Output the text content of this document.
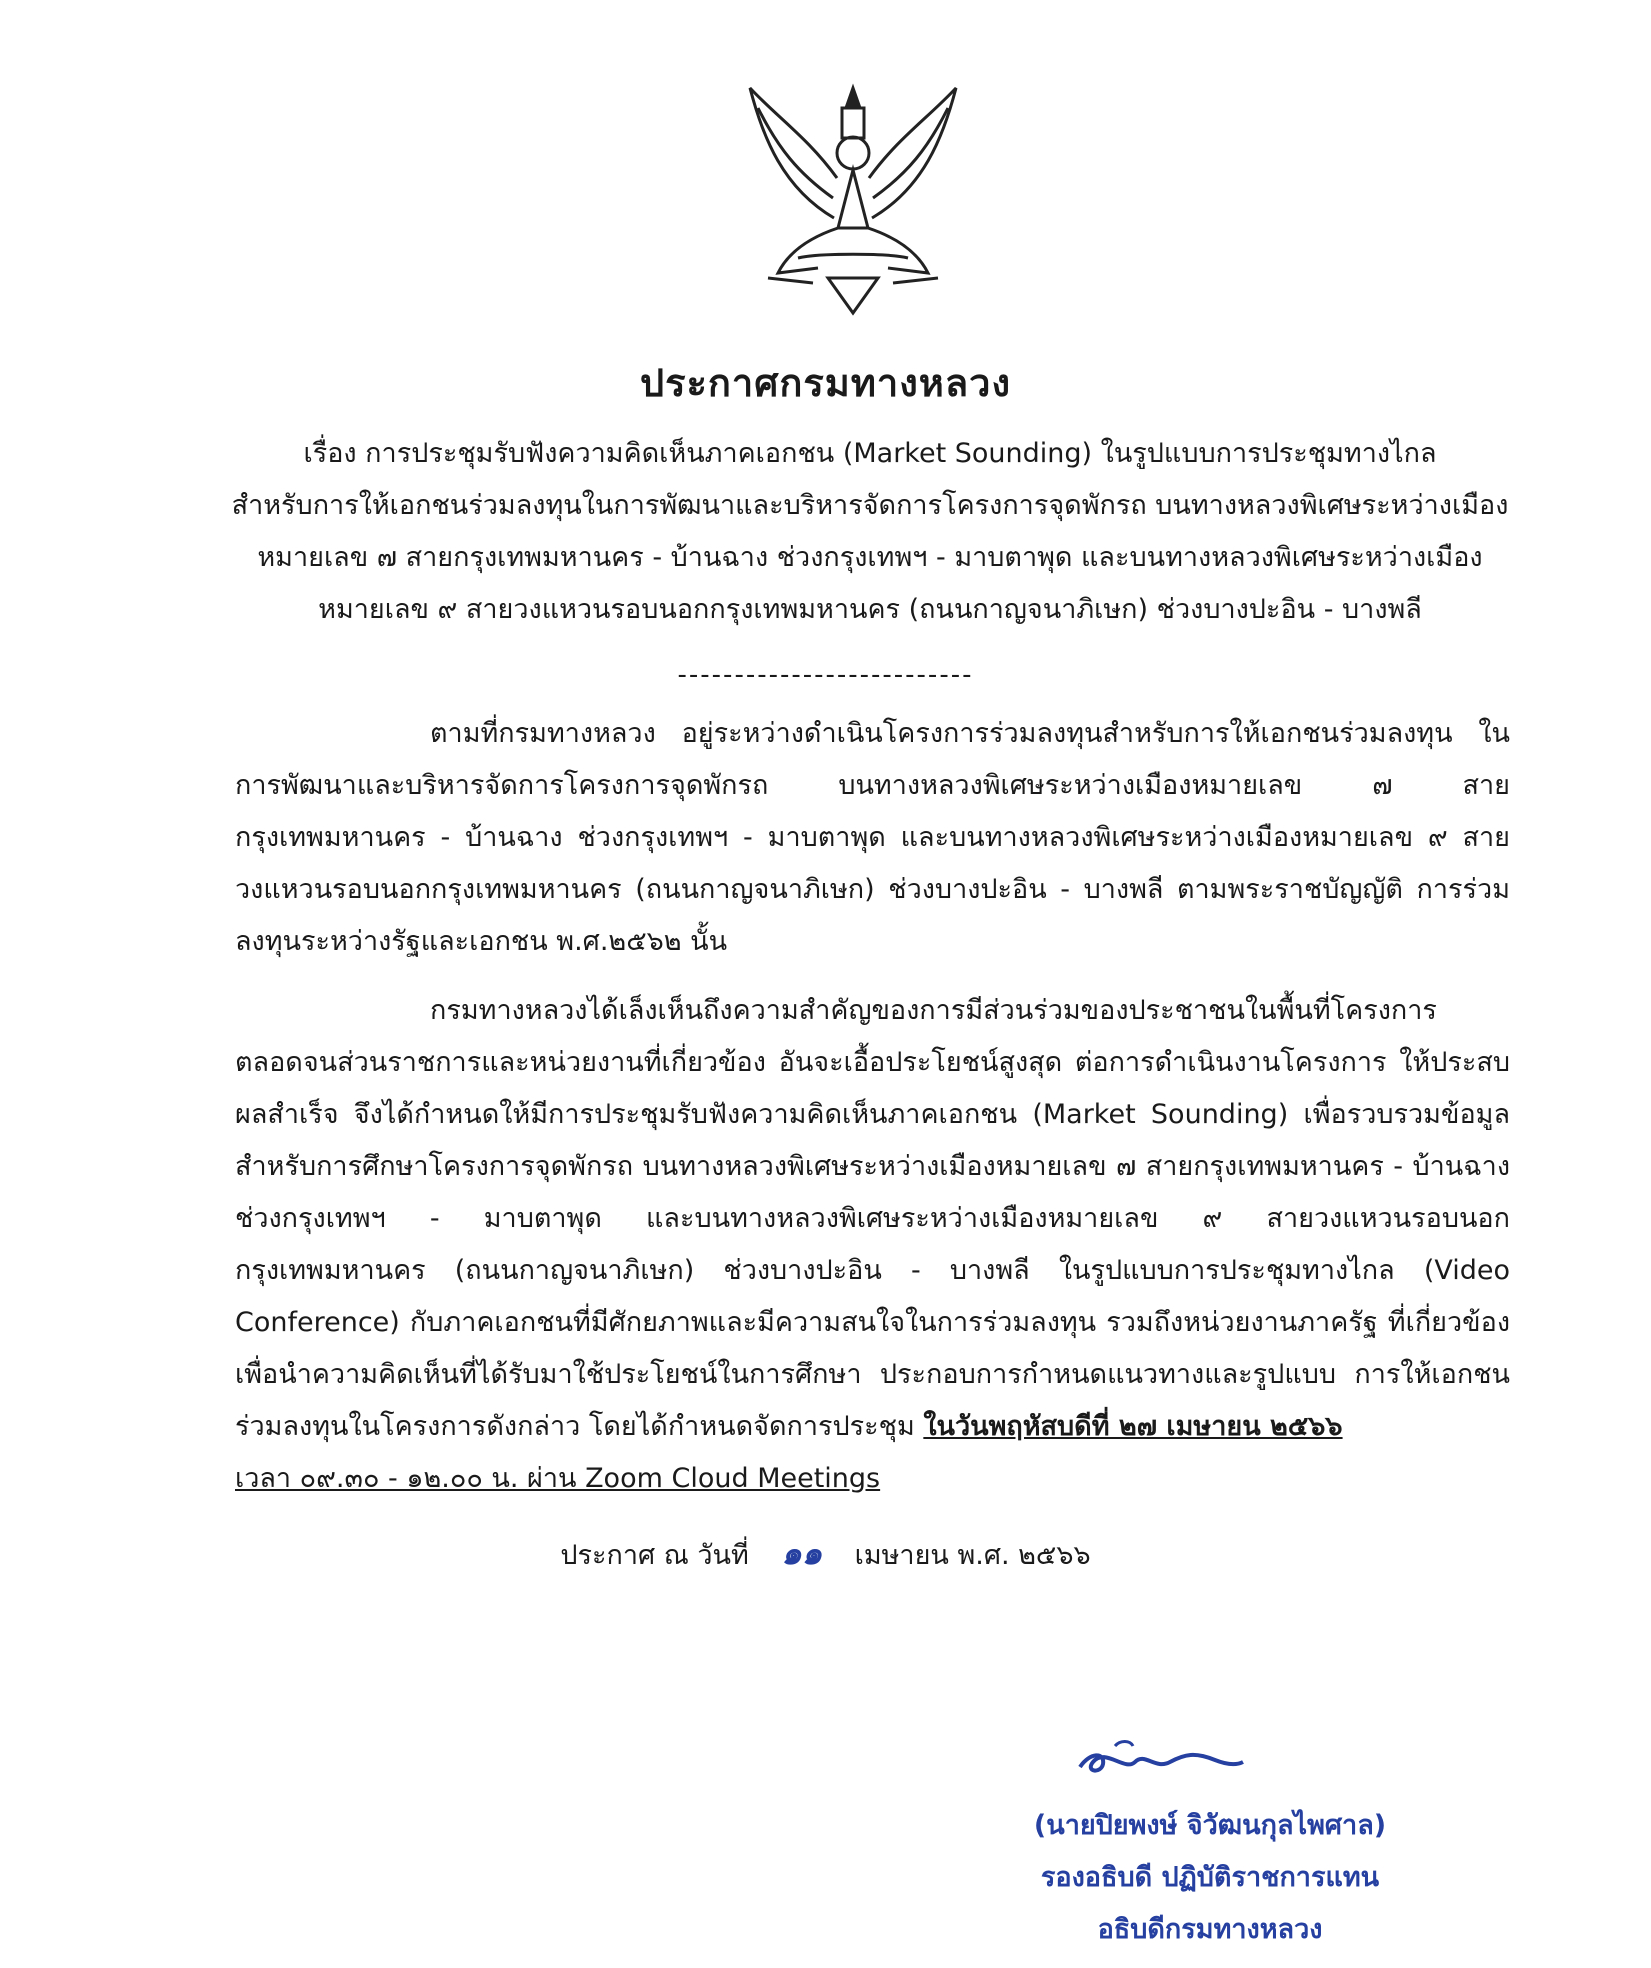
ประกาศกรมทางหลวง
เรื่อง การประชุมรับฟังความคิดเห็นภาคเอกชน (Market Sounding) ในรูปแบบการประชุมทางไกล
สำหรับการให้เอกชนร่วมลงทุนในการพัฒนาและบริหารจัดการโครงการจุดพักรถ บนทางหลวงพิเศษระหว่างเมือง
หมายเลข ๗ สายกรุงเทพมหานคร - บ้านฉาง ช่วงกรุงเทพฯ - มาบตาพุด และบนทางหลวงพิเศษระหว่างเมือง
หมายเลข ๙ สายวงแหวนรอบนอกกรุงเทพมหานคร (ถนนกาญจนาภิเษก) ช่วงบางปะอิน - บางพลี
--------------------------
ตามที่กรมทางหลวง อยู่ระหว่างดำเนินโครงการร่วมลงทุนสำหรับการให้เอกชนร่วมลงทุน ในการพัฒนาและบริหารจัดการโครงการจุดพักรถ บนทางหลวงพิเศษระหว่างเมืองหมายเลข ๗ สายกรุงเทพมหานคร - บ้านฉาง ช่วงกรุงเทพฯ - มาบตาพุด และบนทางหลวงพิเศษระหว่างเมืองหมายเลข ๙ สายวงแหวนรอบนอกกรุงเทพมหานคร (ถนนกาญจนาภิเษก) ช่วงบางปะอิน - บางพลี ตามพระราชบัญญัติ การร่วมลงทุนระหว่างรัฐและเอกชน พ.ศ.๒๕๖๒ นั้น
กรมทางหลวงได้เล็งเห็นถึงความสำคัญของการมีส่วนร่วมของประชาชนในพื้นที่โครงการ ตลอดจนส่วนราชการและหน่วยงานที่เกี่ยวข้อง อันจะเอื้อประโยชน์สูงสุด ต่อการดำเนินงานโครงการ ให้ประสบผลสำเร็จ จึงได้กำหนดให้มีการประชุมรับฟังความคิดเห็นภาคเอกชน (Market Sounding) เพื่อรวบรวมข้อมูลสำหรับการศึกษาโครงการจุดพักรถ บนทางหลวงพิเศษระหว่างเมืองหมายเลข ๗ สายกรุงเทพมหานคร - บ้านฉาง ช่วงกรุงเทพฯ - มาบตาพุด และบนทางหลวงพิเศษระหว่างเมืองหมายเลข ๙ สายวงแหวนรอบนอกกรุงเทพมหานคร (ถนนกาญจนาภิเษก) ช่วงบางปะอิน - บางพลี ในรูปแบบการประชุมทางไกล (Video Conference) กับภาคเอกชนที่มีศักยภาพและมีความสนใจในการร่วมลงทุน รวมถึงหน่วยงานภาครัฐ ที่เกี่ยวข้อง เพื่อนำความคิดเห็นที่ได้รับมาใช้ประโยชน์ในการศึกษา ประกอบการกำหนดแนวทางและรูปแบบ การให้เอกชนร่วมลงทุนในโครงการดังกล่าว โดยได้กำหนดจัดการประชุม ในวันพฤหัสบดีที่ ๒๗ เมษายน ๒๕๖๖
เวลา ๐๙.๓๐ - ๑๒.๐๐ น. ผ่าน Zoom Cloud Meetings
ประกาศ ณ วันที่ ๑๑ เมษายน พ.ศ. ๒๕๖๖
(นายปิยพงษ์ จิวัฒนกุลไพศาล)
รองอธิบดี ปฏิบัติราชการแทน
อธิบดีกรมทางหลวง
